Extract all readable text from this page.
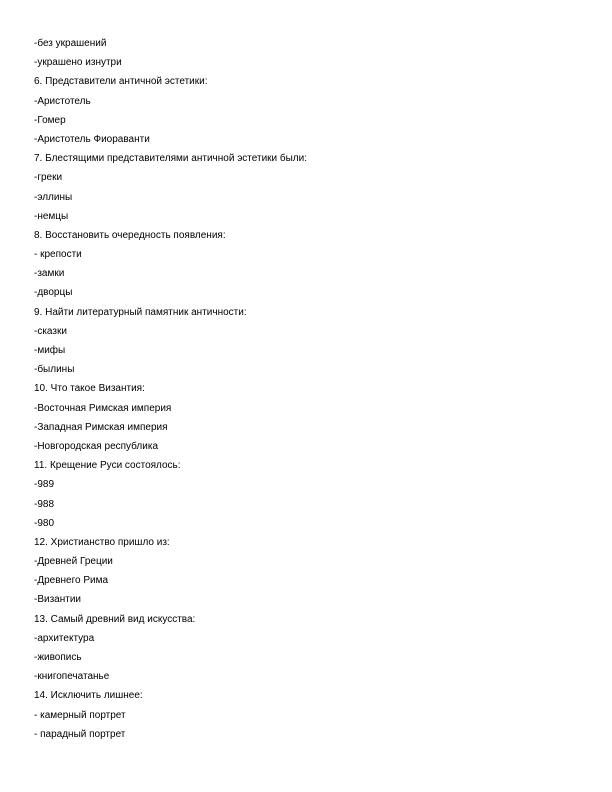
-без украшений
-украшено изнутри
6. Представители античной эстетики:
-Аристотель
-Гомер
-Аристотель Фиораванти
7. Блестящими представителями античной эстетики были:
-греки
-эллины
-немцы
8. Восстановить очередность появления:
- крепости
-замки
-дворцы
9. Найти литературный памятник античности:
-сказки
-мифы
-былины
10. Что такое Византия:
-Восточная Римская империя
-Западная Римская империя
-Новгородская республика
11. Крещение Руси состоялось:
-989
-988
-980
12. Христианство пришло из:
-Древней Греции
-Древнего Рима
-Византии
13. Самый древний вид искусства:
-архитектура
-живопись
-книгопечатанье
14. Исключить лишнее:
- камерный портрет
- парадный портрет
